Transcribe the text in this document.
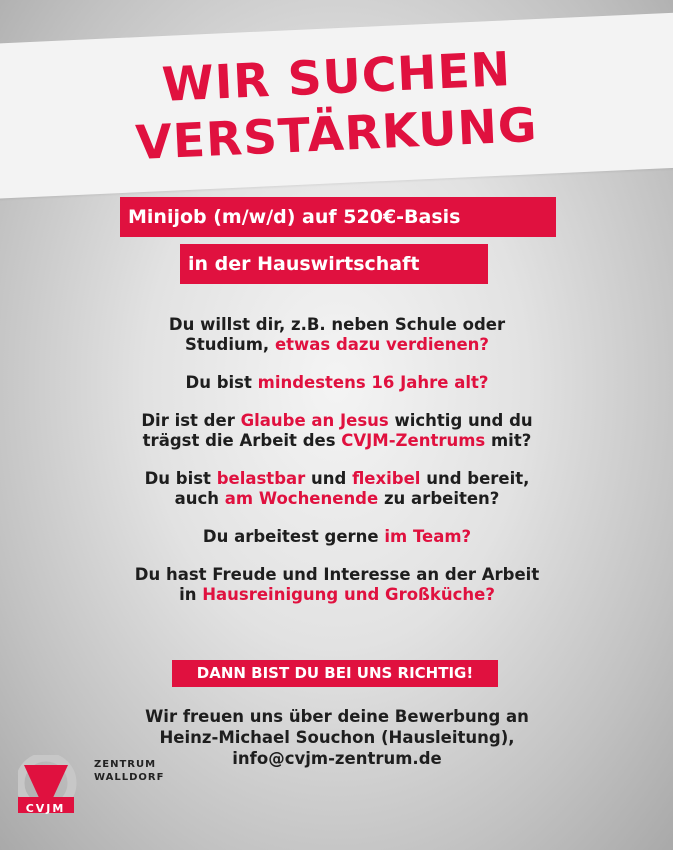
WIR SUCHEN
VERSTÄRKUNG
Minijob (m/w/d) auf 520€-Basis
in der Hauswirtschaft
Du willst dir, z.B. neben Schule oder
Studium, etwas dazu verdienen?
Du bist mindestens 16 Jahre alt?
Dir ist der Glaube an Jesus wichtig und du
trägst die Arbeit des CVJM-Zentrums mit?
Du bist belastbar und flexibel und bereit,
auch am Wochenende zu arbeiten?
Du arbeitest gerne im Team?
Du hast Freude und Interesse an der Arbeit
in Hausreinigung und Großküche?
DANN BIST DU BEI UNS RICHTIG!
Wir freuen uns über deine Bewerbung an
Heinz-Michael Souchon (Hausleitung),
info@cvjm-zentrum.de
ZENTRUM
WALLDORF
CVJM
